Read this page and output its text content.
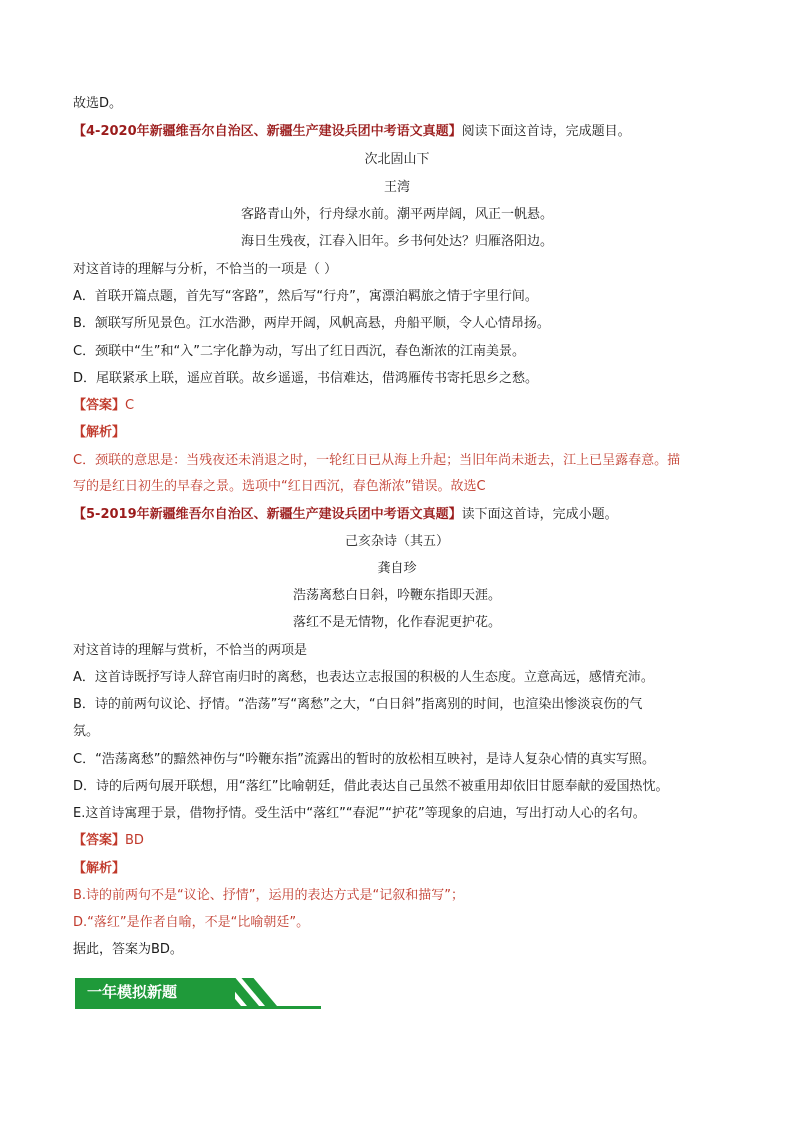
故选D。
【4-2020年新疆维吾尔自治区、新疆生产建设兵团中考语文真题】阅读下面这首诗，完成题目。
次北固山下
王湾
客路青山外，行舟绿水前。潮平两岸阔，风正一帆悬。
海日生残夜，江春入旧年。乡书何处达？归雁洛阳边。
对这首诗的理解与分析，不恰当的一项是（ ）
A．首联开篇点题，首先写“客路”，然后写“行舟”，寓漂泊羁旅之情于字里行间。
B．颔联写所见景色。江水浩渺，两岸开阔，风帆高悬，舟船平顺，令人心情昂扬。
C．颈联中“生”和“入”二字化静为动，写出了红日西沉，春色渐浓的江南美景。
D．尾联紧承上联，遥应首联。故乡遥遥，书信难达，借鸿雁传书寄托思乡之愁。
【答案】C
【解析】
C．颈联的意思是：当残夜还未消退之时，一轮红日已从海上升起；当旧年尚未逝去，江上已呈露春意。描
写的是红日初生的早春之景。选项中“红日西沉，春色渐浓”错误。故选C
【5-2019年新疆维吾尔自治区、新疆生产建设兵团中考语文真题】读下面这首诗，完成小题。
己亥杂诗（其五）
龚自珍
浩荡离愁白日斜，吟鞭东指即天涯。
落红不是无情物，化作春泥更护花。
对这首诗的理解与赏析，不恰当的两项是
A．这首诗既抒写诗人辞官南归时的离愁，也表达立志报国的积极的人生态度。立意高远，感情充沛。
B．诗的前两句议论、抒情。“浩荡”写“离愁”之大，“白日斜”指离别的时间，也渲染出惨淡哀伤的气
氛。
C．“浩荡离愁”的黯然神伤与“吟鞭东指”流露出的暂时的放松相互映衬，是诗人复杂心情的真实写照。
D．诗的后两句展开联想，用“落红”比喻朝廷，借此表达自己虽然不被重用却依旧甘愿奉献的爱国热忱。
E.这首诗寓理于景，借物抒情。受生活中“落红”“春泥”“护花”等现象的启迪，写出打动人心的名句。
【答案】BD
【解析】
B.诗的前两句不是“议论、抒情”，运用的表达方式是“记叙和描写”；
D.“落红”是作者自喻，不是“比喻朝廷”。
据此，答案为BD。
一年模拟新题
